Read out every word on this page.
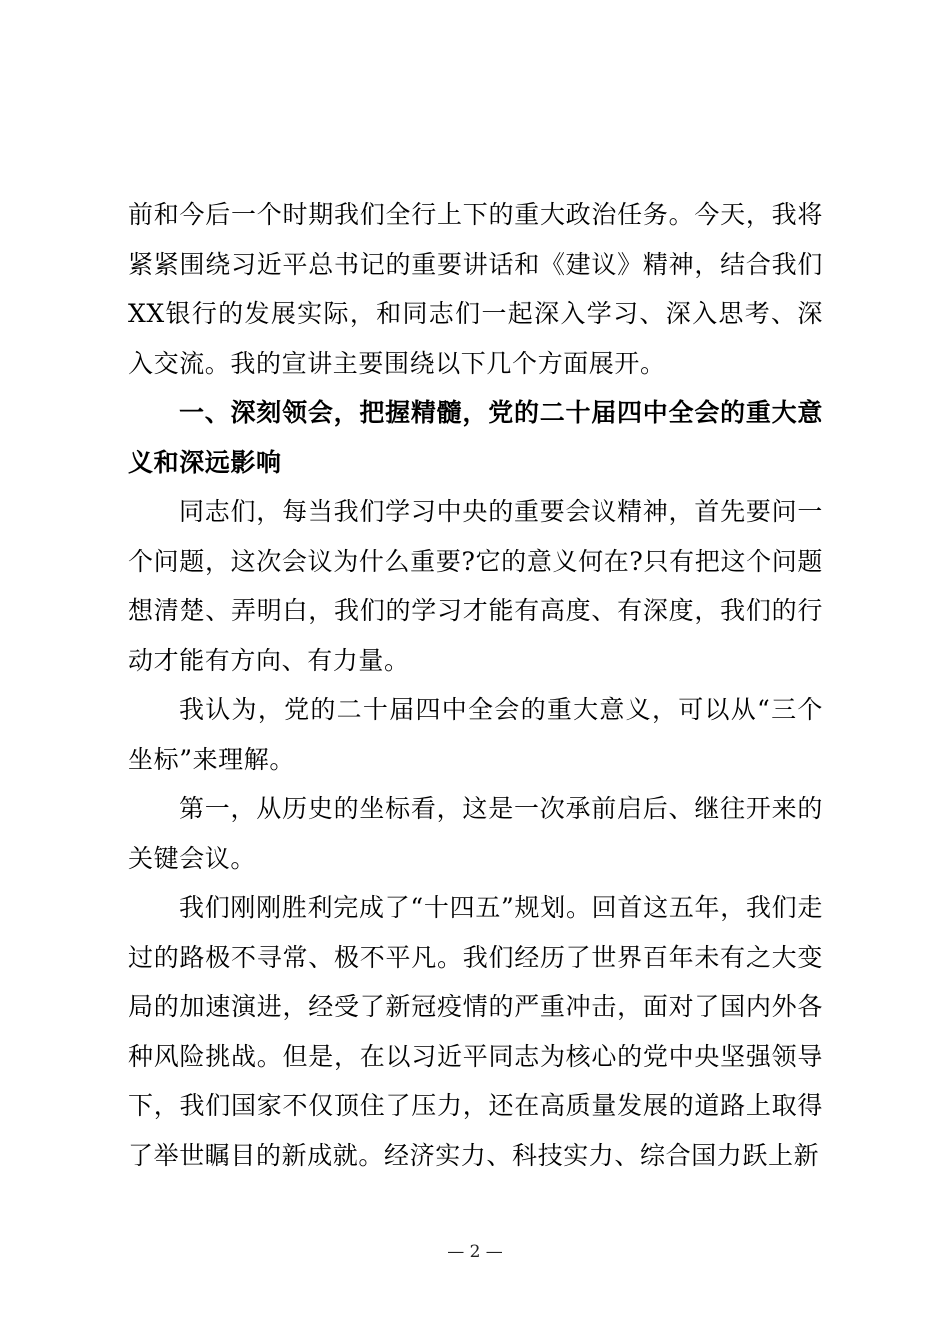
前和今后一个时期我们全行上下的重大政治任务。今天，我将紧紧围绕习近平总书记的重要讲话和《建议》精神，结合我们XX银行的发展实际，和同志们一起深入学习、深入思考、深入交流。我的宣讲主要围绕以下几个方面展开。

一、深刻领会，把握精髓，党的二十届四中全会的重大意义和深远影响

同志们，每当我们学习中央的重要会议精神，首先要问一个问题，这次会议为什么重要?它的意义何在?只有把这个问题想清楚、弄明白，我们的学习才能有高度、有深度，我们的行动才能有方向、有力量。

我认为，党的二十届四中全会的重大意义，可以从“三个坐标”来理解。

第一，从历史的坐标看，这是一次承前启后、继往开来的关键会议。

我们刚刚胜利完成了“十四五”规划。回首这五年，我们走过的路极不寻常、极不平凡。我们经历了世界百年未有之大变局的加速演进，经受了新冠疫情的严重冲击，面对了国内外各种风险挑战。但是，在以习近平同志为核心的党中央坚强领导下，我们国家不仅顶住了压力，还在高质量发展的道路上取得了举世瞩目的新成就。经济实力、科技实力、综合国力跃上新

— 2 —
